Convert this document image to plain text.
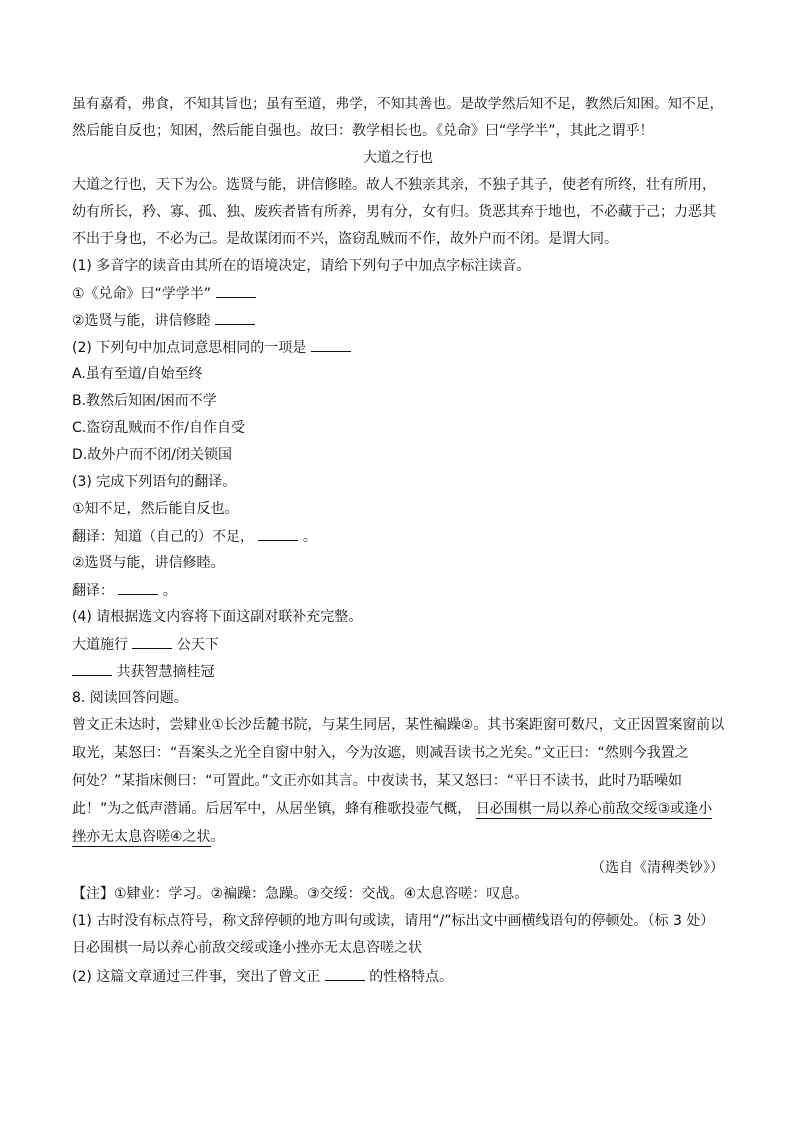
虽有嘉肴，弗食，不知其旨也；虽有至道，弗学，不知其善也。是故学然后知不足，教然后知困。知不足，
然后能自反也；知困，然后能自强也。故曰：教学相长也。《兑命》曰“学学半”，其此之谓乎！
大道之行也
大道之行也，天下为公。选贤与能，讲信修睦。故人不独亲其亲，不独子其子，使老有所终，壮有所用，
幼有所长，矜、寡、孤、独、废疾者皆有所养，男有分，女有归。货恶其弃于地也，不必藏于己；力恶其
不出于身也，不必为己。是故谋闭而不兴，盗窃乱贼而不作，故外户而不闭。是谓大同。
(1) 多音字的读音由其所在的语境决定，请给下列句子中加点字标注读音。
①《兑命》曰“学学半”
②选贤与能，讲信修睦
(2) 下列句中加点词意思相同的一项是
A.虽有至道/自始至终
B.教然后知困/困而不学
C.盗窃乱贼而不作/自作自受
D.故外户而不闭/闭关锁国
(3) 完成下列语句的翻译。
①知不足，然后能自反也。
翻译：知道（自己的）不足，	。
②选贤与能，讲信修睦。
翻译：	。
(4) 请根据选文内容将下面这副对联补充完整。
大道施行	公天下
共获智慧摘桂冠
8. 阅读回答问题。
曾文正未达时，尝肄业①长沙岳麓书院，与某生同居，某性褊躁②。其书案距窗可数尺，文正因置案窗前以
取光，某怒曰：“吾案头之光全自窗中射入，今为汝遮，则减吾读书之光矣。”文正曰：“然则今我置之
何处？”某指床侧曰：“可置此。”文正亦如其言。中夜读书，某又怒曰：“平日不读书，此时乃聒噪如
此！”为之低声潜诵。后居军中，从居坐镇，蜂有稚歌投壶气概， 日必围棋一局以养心前敌交绥③或逢小
挫亦无太息咨嗟④之状。
（选自《清稗类钞》）
【注】①肄业：学习。②褊躁：急躁。③交绥：交战。④太息咨嗟：叹息。
(1) 古时没有标点符号，称文辞停顿的地方叫句或读，请用“/”标出文中画横线语句的停顿处。（标 3 处）
日必围棋一局以养心前敌交绥或逢小挫亦无太息咨嗟之状
(2) 这篇文章通过三件事，突出了曾文正	的性格特点。
